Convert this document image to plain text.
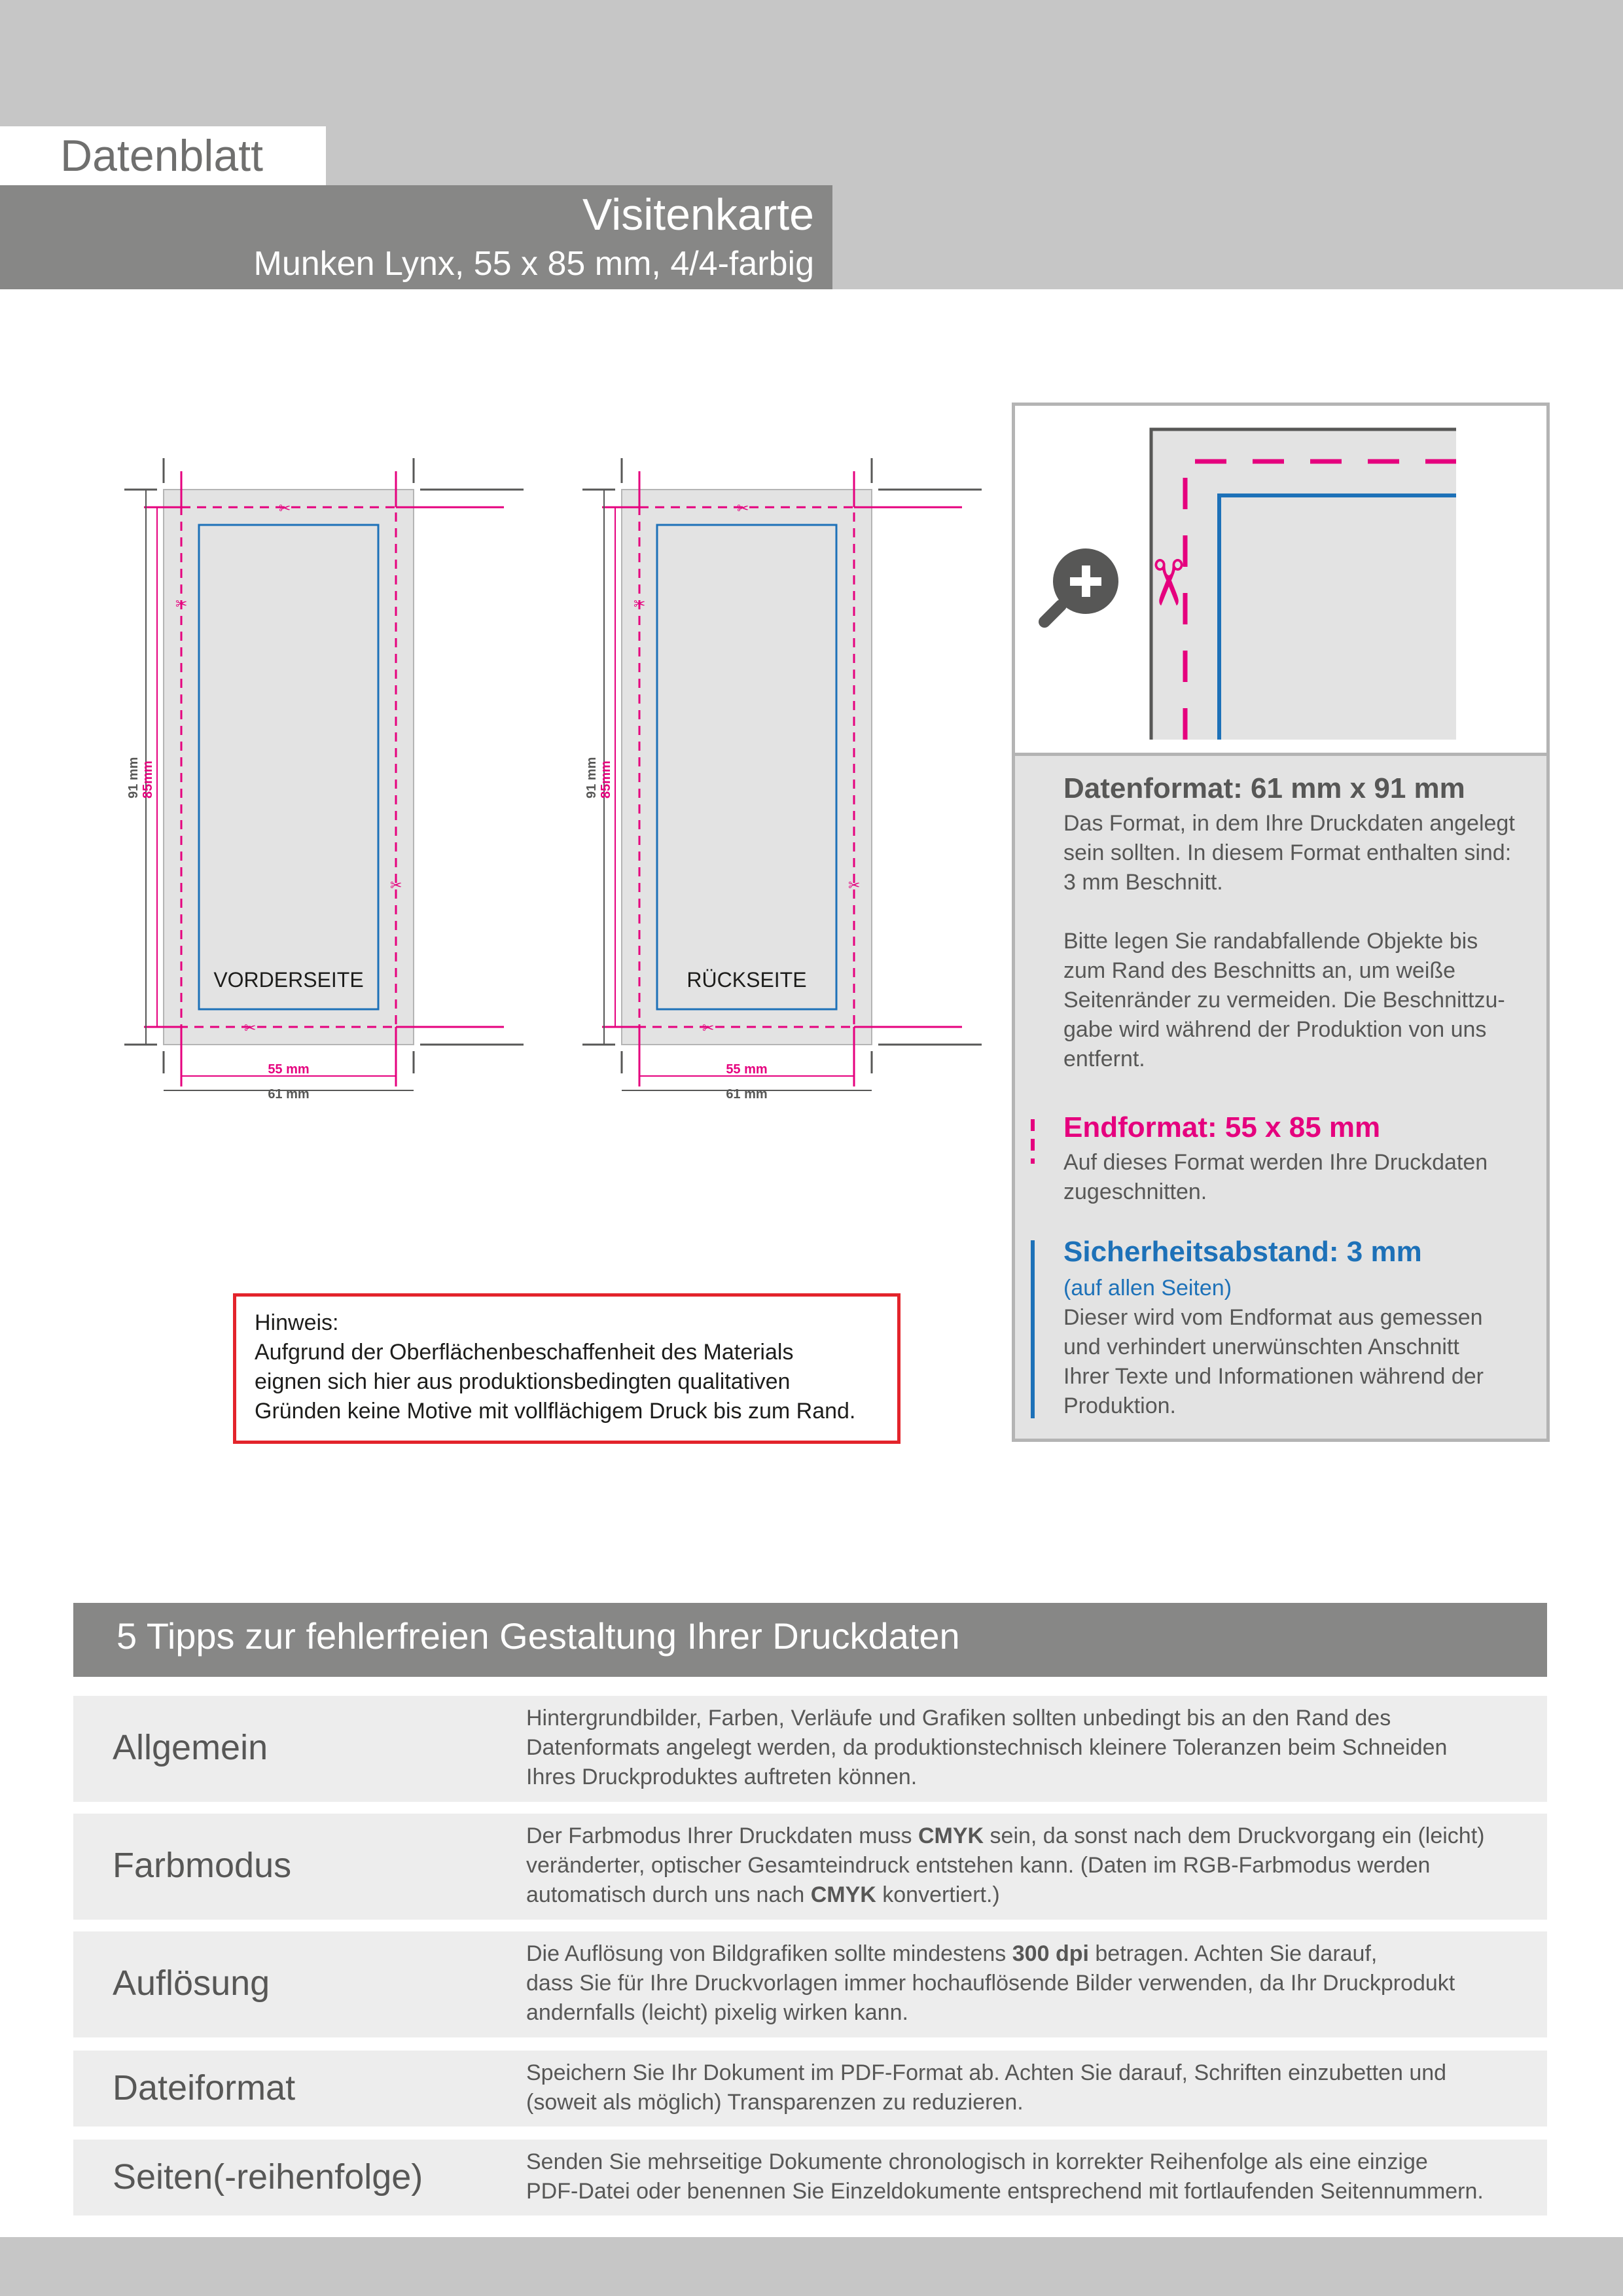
Datenblatt
Visitenkarte
Munken Lynx, 55 x 85 mm, 4/4-farbig
✂
✂
✂
✂
VORDERSEITE
91 mm 85mm
55 mm
61 mm
✂
✂
✂
✂
RÜCKSEITE
91 mm 85mm
55 mm
61 mm
✂
Datenformat: 61 mm x 91 mm
Das Format, in dem Ihre Druckdaten angelegt
sein sollten. In diesem Format enthalten sind:
3 mm Beschnitt.
Bitte legen Sie randabfallende Objekte bis
zum Rand des Beschnitts an, um weiße
Seitenränder zu vermeiden. Die Beschnittzu-
gabe wird während der Produktion von uns
entfernt.
Endformat: 55 x 85 mm
Auf dieses Format werden Ihre Druckdaten
zugeschnitten.
Sicherheitsabstand: 3 mm
(auf allen Seiten)
Dieser wird vom Endformat aus gemessen
und verhindert unerwünschten Anschnitt
Ihrer Texte und Informationen während der
Produktion.
Hinweis:
Aufgrund der Oberflächenbeschaffenheit des Materials
eignen sich hier aus produktionsbedingten qualitativen
Gründen keine Motive mit vollflächigem Druck bis zum Rand.
5 Tipps zur fehlerfreien Gestaltung Ihrer Druckdaten
Allgemein
Hintergrundbilder, Farben, Verläufe und Grafiken sollten unbedingt bis an den Rand des
Datenformats angelegt werden, da produktionstechnisch kleinere Toleranzen beim Schneiden
Ihres Druckproduktes auftreten können.
Farbmodus
Der Farbmodus Ihrer Druckdaten muss CMYK sein, da sonst nach dem Druckvorgang ein (leicht)
veränderter, optischer Gesamteindruck entstehen kann. (Daten im RGB-Farbmodus werden
automatisch durch uns nach CMYK konvertiert.)
Auflösung
Die Auflösung von Bildgrafiken sollte mindestens 300 dpi betragen. Achten Sie darauf,
dass Sie für Ihre Druckvorlagen immer hochauflösende Bilder verwenden, da Ihr Druckprodukt
andernfalls (leicht) pixelig wirken kann.
Dateiformat	Speichern Sie Ihr Dokument im PDF-Format ab. Achten Sie darauf, Schriften einzubetten und
(soweit als möglich) Transparenzen zu reduzieren.
Seiten(-reihenfolge)	Senden Sie mehrseitige Dokumente chronologisch in korrekter Reihenfolge als eine einzige
PDF-Datei oder benennen Sie Einzeldokumente entsprechend mit fortlaufenden Seitennummern.
